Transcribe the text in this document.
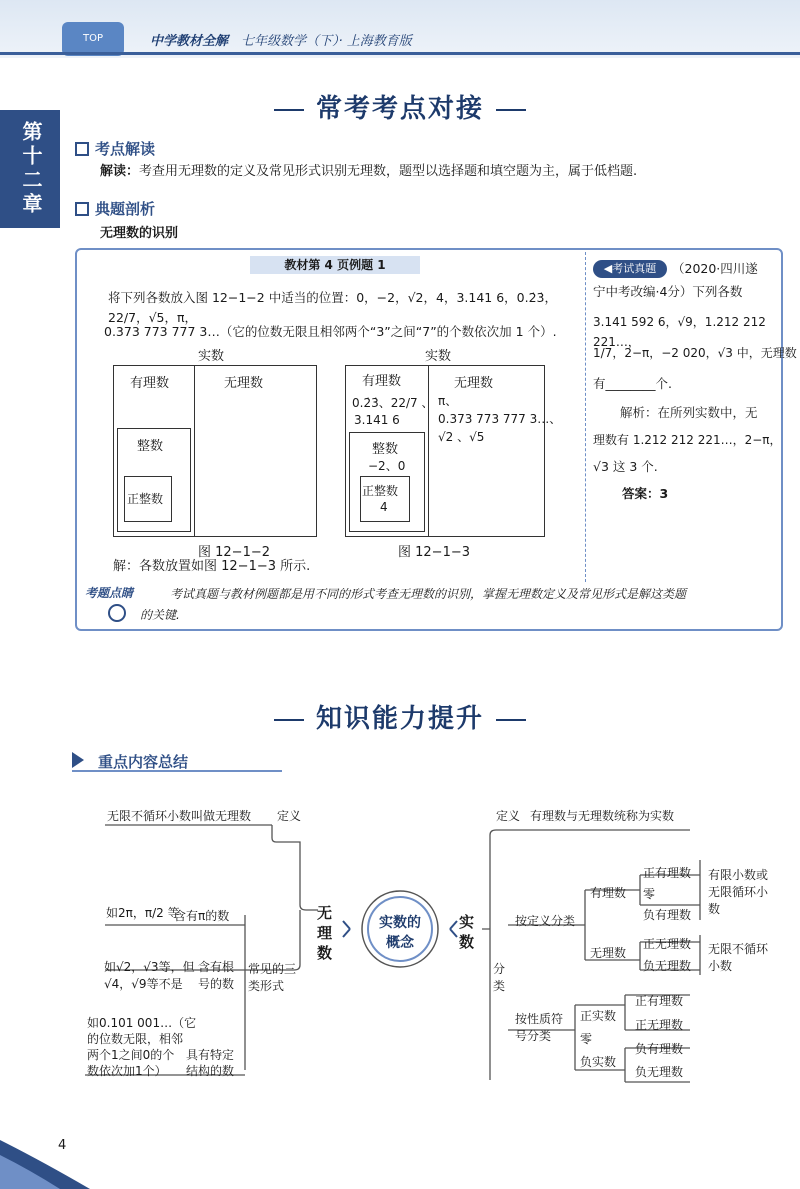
TOP	中学教材全解　 七年级数学（下）· 上海教育版
第十二章
常考考点对接
考点解读
解读：考查用无理数的定义及常见形式识别无理数，题型以选择题和填空题为主，属于低档题.
典题剖析
无理数的识别
教材第 4 页例题 1
将下列各数放入图 12−1−2 中适当的位置：0，−2，√2，4，3.141 6，0.2̇3̇，22/7，√5，π，
0.373 773 777 3…（它的位数无限且相邻两个“3”之间“7”的个数依次加 1 个）.
实数
有理数	无理数
整数
正整数
图 12−1−2
实数
有理数
0.2̇3̇、22/7 、
3.141 6
无理数
π、
0.373 773 777 3…、
√2 、√5
整数
−2、0
正整数
4
图 12−1−3
解：各数放置如图 12−1−3 所示.
◀考试真题	（2020·四川遂
宁中考改编·4分）下列各数
3.141 592 6，√9，1.212 212 221…，
1/7，2−π，−2 020，√3 中，无理数
有________个.
解析：在所列实数中，无
理数有 1.212 212 221…，2−π，
√3 这 3 个.
答案：3
考题点睛	考试真题与教材例题都是用不同的形式考查无理数的识别，掌握无理数定义及常见形式是解这类题
的关键.
知识能力提升
重点内容总结
无限不循环小数叫做无理数 定义
无理数
实数的
概念
实数
如2π，π/2 等
含有π的数
如√2，√3等，但
√4，√9等不是
含有根
号的数
常见的三类形式
如0.101 001…（它
的位数无限，相邻
两个1之间0的个
数依次加1个）
具有特定
结构的数
定义 有理数与无理数统称为实数
分类
按定义分类
按性质符号分类
有理数
无理数
正有理数
零
负有理数
有限小数或无限循环小数
正无理数
负无理数
无限不循环小数
正实数
零
负实数
正有理数
正无理数
负有理数
负无理数
4
